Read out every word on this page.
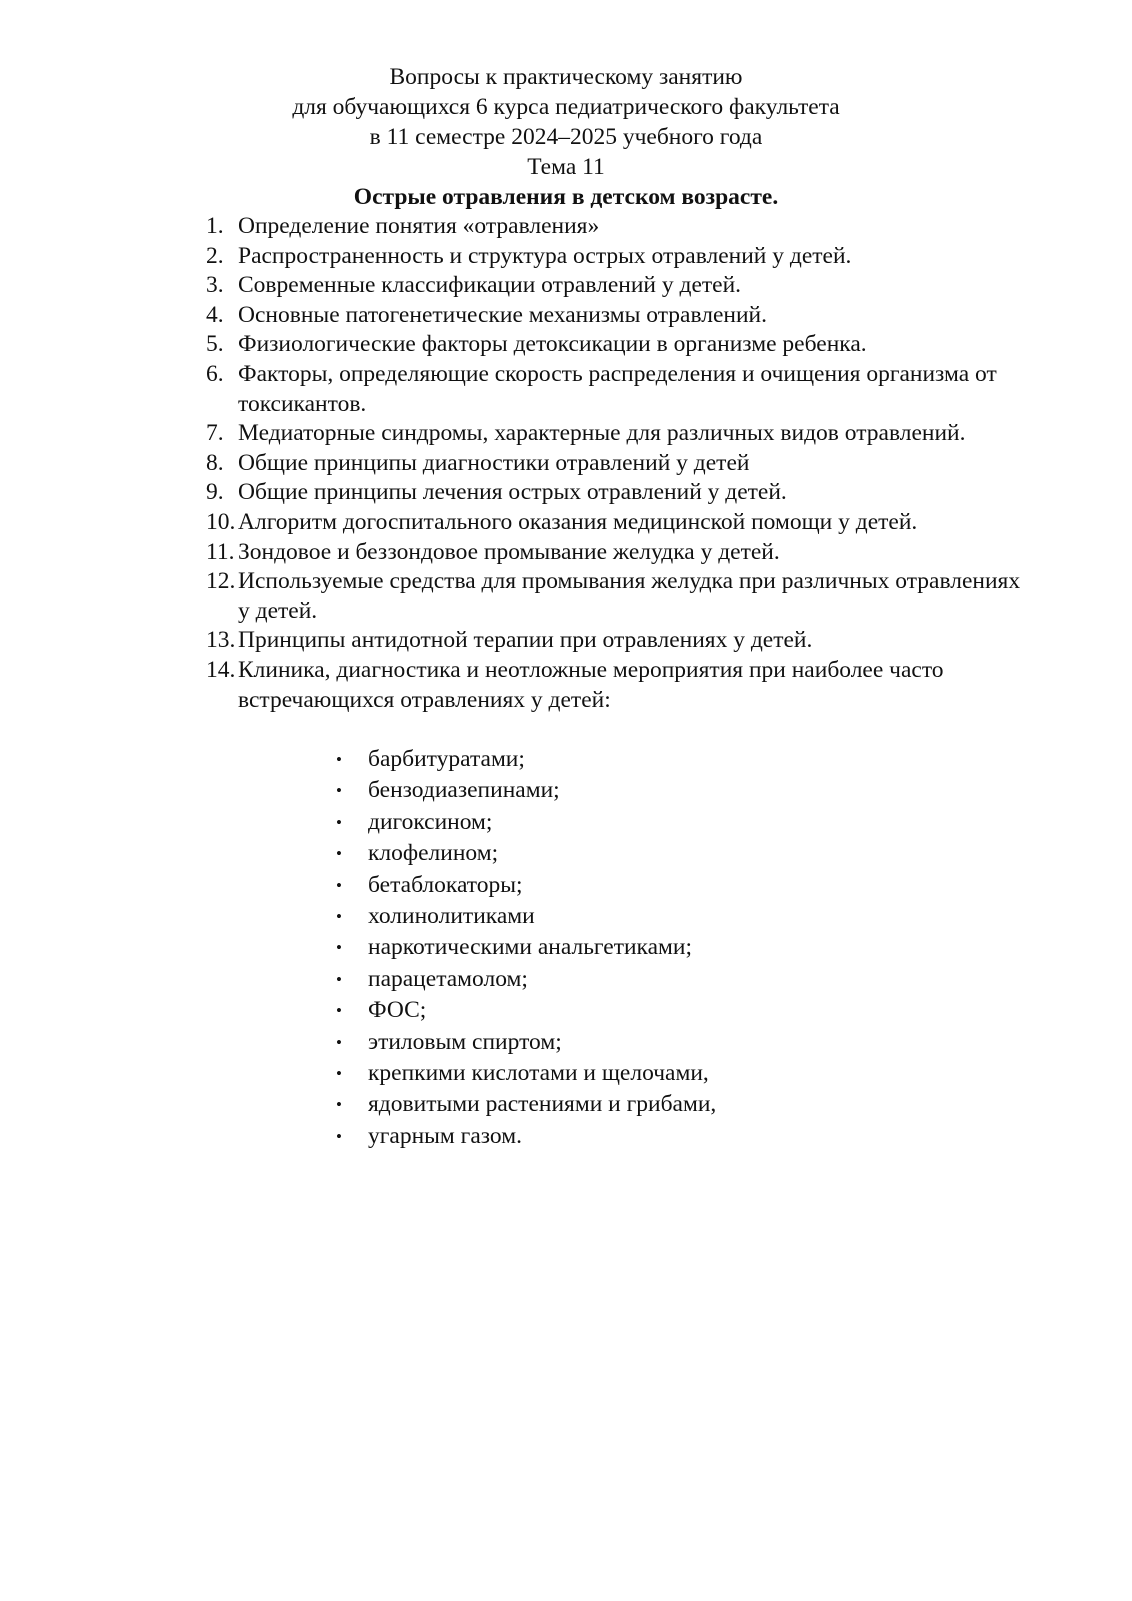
Вопросы к практическому занятию
для обучающихся 6 курса педиатрического факультета
в 11 семестре 2024–2025 учебного года
Тема 11
Острые отравления в детском возрасте.
1. Определение понятия «отравления»
2. Распространенность и структура острых отравлений у детей.
3. Современные классификации отравлений у детей.
4. Основные патогенетические механизмы отравлений.
5. Физиологические факторы детоксикации в организме ребенка.
6. Факторы, определяющие скорость распределения и очищения организма от токсикантов.
7. Медиаторные синдромы, характерные для различных видов отравлений.
8. Общие принципы диагностики отравлений у детей
9. Общие принципы лечения острых отравлений у детей.
10. Алгоритм догоспитального оказания медицинской помощи у детей.
11. Зондовое и беззондовое промывание желудка у детей.
12. Используемые средства для промывания желудка при различных отравлениях у детей.
13. Принципы антидотной терапии при отравлениях у детей.
14. Клиника, диагностика и неотложные мероприятия при наиболее часто встречающихся отравлениях у детей:
•	барбитуратами;
•	бензодиазепинами;
•	дигоксином;
•	клофелином;
•	бетаблокаторы;
•	холинолитиками
•	наркотическими анальгетиками;
•	парацетамолом;
•	ФОС;
•	этиловым спиртом;
•	крепкими кислотами и щелочами,
•	ядовитыми растениями и грибами,
•	угарным газом.
